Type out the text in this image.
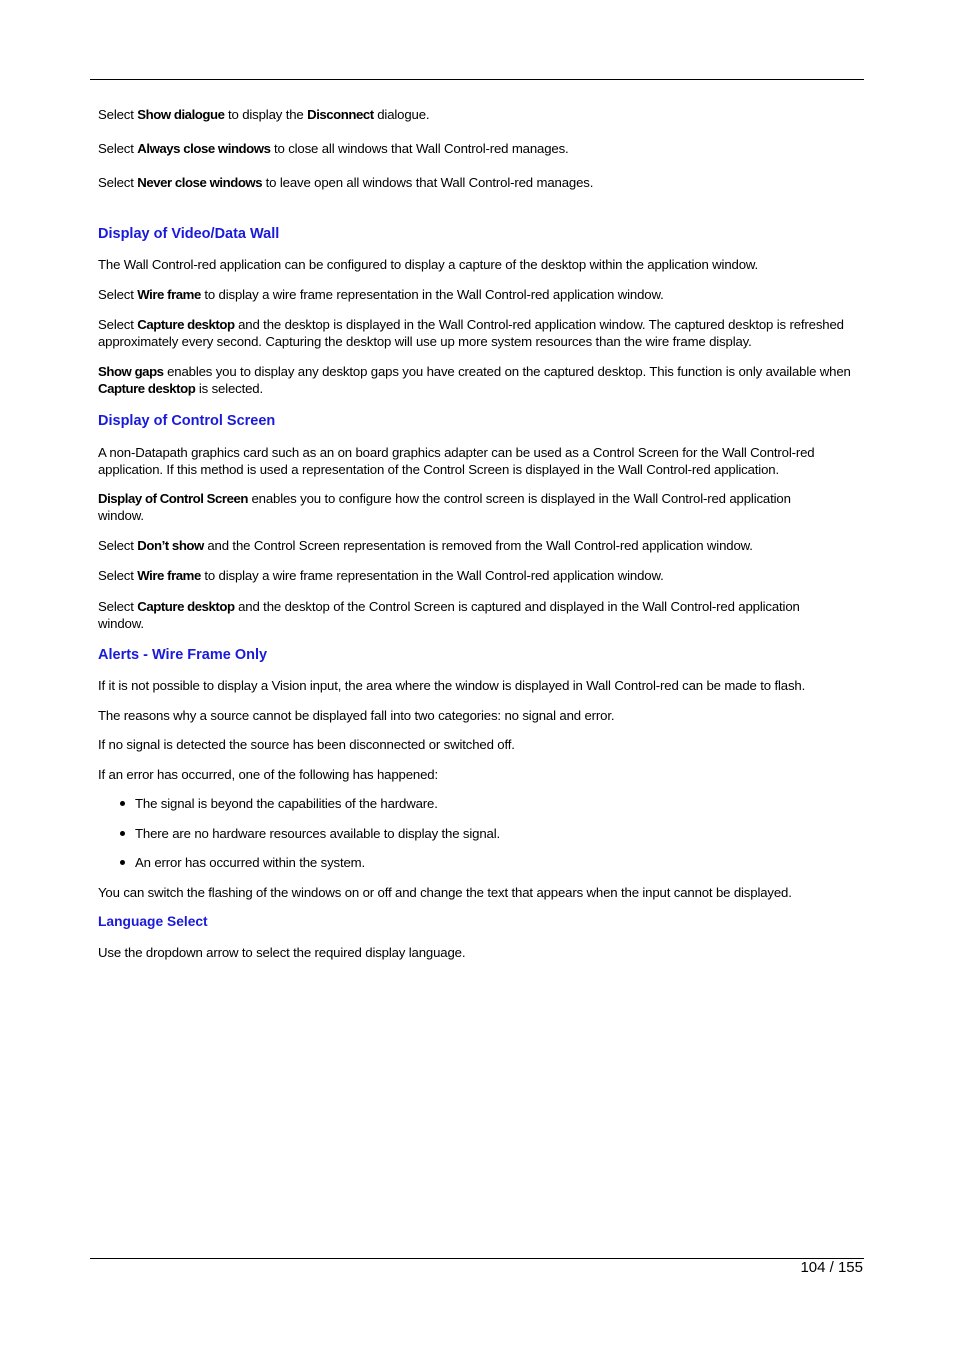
Select Show dialogue to display the Disconnect dialogue.

Select Always close windows to close all windows that Wall Control-red manages.

Select Never close windows to leave open all windows that Wall Control-red manages.

Display of Video/Data Wall

The Wall Control-red application can be configured to display a capture of the desktop within the application window.

Select Wire frame to display a wire frame representation in the Wall Control-red application window.

Select Capture desktop and the desktop is displayed in the Wall Control-red application window. The captured desktop is refreshed approximately every second. Capturing the desktop will use up more system resources than the wire frame display.

Show gaps enables you to display any desktop gaps you have created on the captured desktop. This function is only available when Capture desktop is selected.

Display of Control Screen

A non-Datapath graphics card such as an on board graphics adapter can be used as a Control Screen for the Wall Control-red application. If this method is used a representation of the Control Screen is displayed in the Wall Control-red application.

Display of Control Screen enables you to configure how the control screen is displayed in the Wall Control-red application window.

Select Don’t show and the Control Screen representation is removed from the Wall Control-red application window.

Select Wire frame to display a wire frame representation in the Wall Control-red application window.

Select Capture desktop and the desktop of the Control Screen is captured and displayed in the Wall Control-red application window.

Alerts - Wire Frame Only

If it is not possible to display a Vision input, the area where the window is displayed in Wall Control-red can be made to flash.

The reasons why a source cannot be displayed fall into two categories: no signal and error.

If no signal is detected the source has been disconnected or switched off.

If an error has occurred, one of the following has happened:

The signal is beyond the capabilities of the hardware.
There are no hardware resources available to display the signal.
An error has occurred within the system.

You can switch the flashing of the windows on or off and change the text that appears when the input cannot be displayed.

Language Select

Use the dropdown arrow to select the required display language.

104 / 155
